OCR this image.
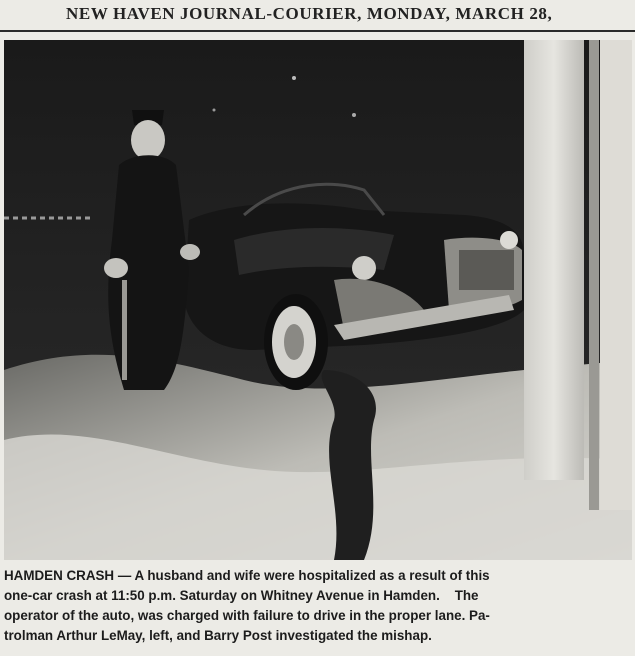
NEW HAVEN JOURNAL-COURIER, MONDAY, MARCH 28,
HAMDEN CRASH — A husband and wife were hospitalized as a result of this
one-car crash at 11:50 p.m. Saturday on Whitney Avenue in Hamden.    The
operator of the auto, was charged with failure to drive in the proper lane. Pa-
trolman Arthur LeMay, left, and Barry Post investigated the mishap.
